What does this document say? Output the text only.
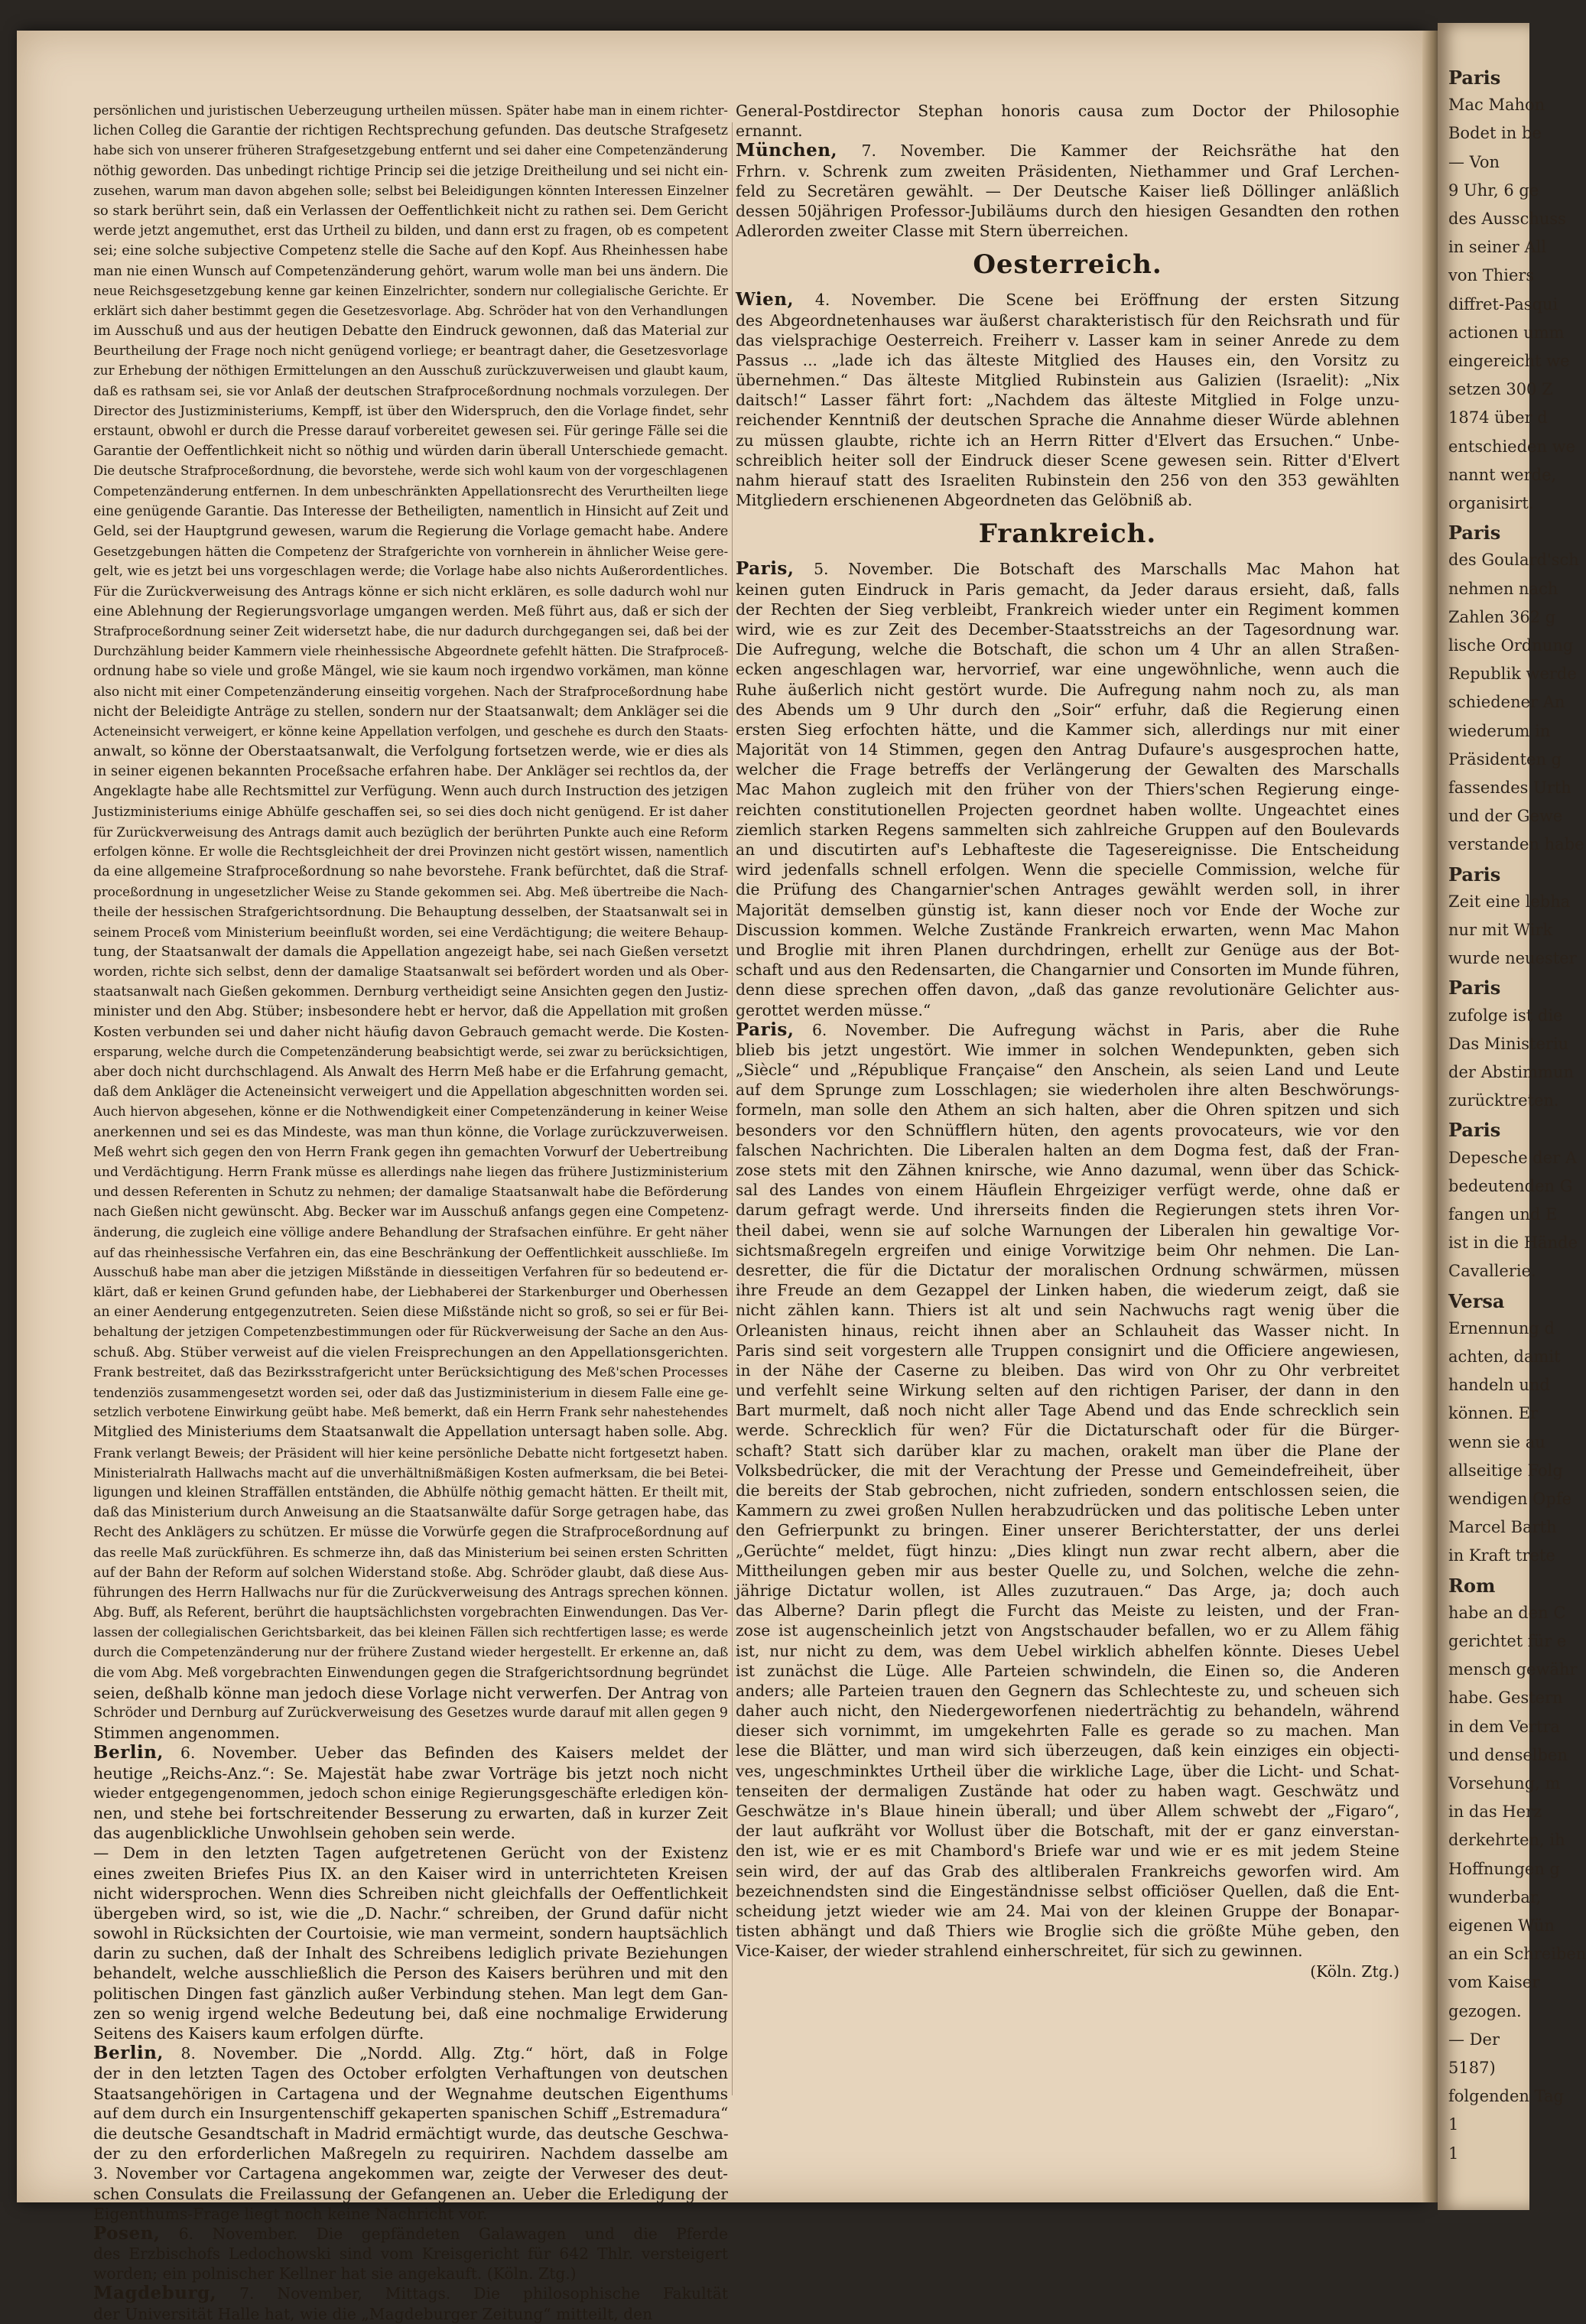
persönlichen und juristischen Ueberzeugung urtheilen müssen. Später habe man in einem richter-
lichen Colleg die Garantie der richtigen Rechtsprechung gefunden. Das deutsche Strafgesetz
habe sich von unserer früheren Strafgesetzgebung entfernt und sei daher eine Competenzänderung
nöthig geworden. Das unbedingt richtige Princip sei die jetzige Dreitheilung und sei nicht ein-
zusehen, warum man davon abgehen solle; selbst bei Beleidigungen könnten Interessen Einzelner
so stark berührt sein, daß ein Verlassen der Oeffentlichkeit nicht zu rathen sei. Dem Gericht
werde jetzt angemuthet, erst das Urtheil zu bilden, und dann erst zu fragen, ob es competent
sei; eine solche subjective Competenz stelle die Sache auf den Kopf. Aus Rheinhessen habe
man nie einen Wunsch auf Competenzänderung gehört, warum wolle man bei uns ändern. Die
neue Reichsgesetzgebung kenne gar keinen Einzelrichter, sondern nur collegialische Gerichte. Er
erklärt sich daher bestimmt gegen die Gesetzesvorlage. Abg. Schröder hat von den Verhandlungen
im Ausschuß und aus der heutigen Debatte den Eindruck gewonnen, daß das Material zur
Beurtheilung der Frage noch nicht genügend vorliege; er beantragt daher, die Gesetzesvorlage
zur Erhebung der nöthigen Ermittelungen an den Ausschuß zurückzuverweisen und glaubt kaum,
daß es rathsam sei, sie vor Anlaß der deutschen Strafproceßordnung nochmals vorzulegen. Der
Director des Justizministeriums, Kempff, ist über den Widerspruch, den die Vorlage findet, sehr
erstaunt, obwohl er durch die Presse darauf vorbereitet gewesen sei. Für geringe Fälle sei die
Garantie der Oeffentlichkeit nicht so nöthig und würden darin überall Unterschiede gemacht.
Die deutsche Strafproceßordnung, die bevorstehe, werde sich wohl kaum von der vorgeschlagenen
Competenzänderung entfernen. In dem unbeschränkten Appellationsrecht des Verurtheilten liege
eine genügende Garantie. Das Interesse der Betheiligten, namentlich in Hinsicht auf Zeit und
Geld, sei der Hauptgrund gewesen, warum die Regierung die Vorlage gemacht habe. Andere
Gesetzgebungen hätten die Competenz der Strafgerichte von vornherein in ähnlicher Weise gere-
gelt, wie es jetzt bei uns vorgeschlagen werde; die Vorlage habe also nichts Außerordentliches.
Für die Zurückverweisung des Antrags könne er sich nicht erklären, es solle dadurch wohl nur
eine Ablehnung der Regierungsvorlage umgangen werden. Meß führt aus, daß er sich der
Strafproceßordnung seiner Zeit widersetzt habe, die nur dadurch durchgegangen sei, daß bei der
Durchzählung beider Kammern viele rheinhessische Abgeordnete gefehlt hätten. Die Strafproceß-
ordnung habe so viele und große Mängel, wie sie kaum noch irgendwo vorkämen, man könne
also nicht mit einer Competenzänderung einseitig vorgehen. Nach der Strafproceßordnung habe
nicht der Beleidigte Anträge zu stellen, sondern nur der Staatsanwalt; dem Ankläger sei die
Acteneinsicht verweigert, er könne keine Appellation verfolgen, und geschehe es durch den Staats-
anwalt, so könne der Oberstaatsanwalt, die Verfolgung fortsetzen werde, wie er dies als
in seiner eigenen bekannten Proceßsache erfahren habe. Der Ankläger sei rechtlos da, der
Angeklagte habe alle Rechtsmittel zur Verfügung. Wenn auch durch Instruction des jetzigen
Justizministeriums einige Abhülfe geschaffen sei, so sei dies doch nicht genügend. Er ist daher
für Zurückverweisung des Antrags damit auch bezüglich der berührten Punkte auch eine Reform
erfolgen könne. Er wolle die Rechtsgleichheit der drei Provinzen nicht gestört wissen, namentlich
da eine allgemeine Strafproceßordnung so nahe bevorstehe. Frank befürchtet, daß die Straf-
proceßordnung in ungesetzlicher Weise zu Stande gekommen sei. Abg. Meß übertreibe die Nach-
theile der hessischen Strafgerichtsordnung. Die Behauptung desselben, der Staatsanwalt sei in
seinem Proceß vom Ministerium beeinflußt worden, sei eine Verdächtigung; die weitere Behaup-
tung, der Staatsanwalt der damals die Appellation angezeigt habe, sei nach Gießen versetzt
worden, richte sich selbst, denn der damalige Staatsanwalt sei befördert worden und als Ober-
staatsanwalt nach Gießen gekommen. Dernburg vertheidigt seine Ansichten gegen den Justiz-
minister und den Abg. Stüber; insbesondere hebt er hervor, daß die Appellation mit großen
Kosten verbunden sei und daher nicht häufig davon Gebrauch gemacht werde. Die Kosten-
ersparung, welche durch die Competenzänderung beabsichtigt werde, sei zwar zu berücksichtigen,
aber doch nicht durchschlagend. Als Anwalt des Herrn Meß habe er die Erfahrung gemacht,
daß dem Ankläger die Acteneinsicht verweigert und die Appellation abgeschnitten worden sei.
Auch hiervon abgesehen, könne er die Nothwendigkeit einer Competenzänderung in keiner Weise
anerkennen und sei es das Mindeste, was man thun könne, die Vorlage zurückzuverweisen.
Meß wehrt sich gegen den von Herrn Frank gegen ihn gemachten Vorwurf der Uebertreibung
und Verdächtigung. Herrn Frank müsse es allerdings nahe liegen das frühere Justizministerium
und dessen Referenten in Schutz zu nehmen; der damalige Staatsanwalt habe die Beförderung
nach Gießen nicht gewünscht. Abg. Becker war im Ausschuß anfangs gegen eine Competenz-
änderung, die zugleich eine völlige andere Behandlung der Strafsachen einführe. Er geht näher
auf das rheinhessische Verfahren ein, das eine Beschränkung der Oeffentlichkeit ausschließe. Im
Ausschuß habe man aber die jetzigen Mißstände in diesseitigen Verfahren für so bedeutend er-
klärt, daß er keinen Grund gefunden habe, der Liebhaberei der Starkenburger und Oberhessen
an einer Aenderung entgegenzutreten. Seien diese Mißstände nicht so groß, so sei er für Bei-
behaltung der jetzigen Competenzbestimmungen oder für Rückverweisung der Sache an den Aus-
schuß. Abg. Stüber verweist auf die vielen Freisprechungen an den Appellationsgerichten.
Frank bestreitet, daß das Bezirksstrafgericht unter Berücksichtigung des Meß'schen Processes
tendenziös zusammengesetzt worden sei, oder daß das Justizministerium in diesem Falle eine ge-
setzlich verbotene Einwirkung geübt habe. Meß bemerkt, daß ein Herrn Frank sehr nahestehendes
Mitglied des Ministeriums dem Staatsanwalt die Appellation untersagt haben solle. Abg.
Frank verlangt Beweis; der Präsident will hier keine persönliche Debatte nicht fortgesetzt haben.
Ministerialrath Hallwachs macht auf die unverhältnißmäßigen Kosten aufmerksam, die bei Betei-
ligungen und kleinen Straffällen entständen, die Abhülfe nöthig gemacht hätten. Er theilt mit,
daß das Ministerium durch Anweisung an die Staatsanwälte dafür Sorge getragen habe, das
Recht des Anklägers zu schützen. Er müsse die Vorwürfe gegen die Strafproceßordnung auf
das reelle Maß zurückführen. Es schmerze ihn, daß das Ministerium bei seinen ersten Schritten
auf der Bahn der Reform auf solchen Widerstand stoße. Abg. Schröder glaubt, daß diese Aus-
führungen des Herrn Hallwachs nur für die Zurückverweisung des Antrags sprechen können.
Abg. Buff, als Referent, berührt die hauptsächlichsten vorgebrachten Einwendungen. Das Ver-
lassen der collegialischen Gerichtsbarkeit, das bei kleinen Fällen sich rechtfertigen lasse; es werde
durch die Competenzänderung nur der frühere Zustand wieder hergestellt. Er erkenne an, daß
die vom Abg. Meß vorgebrachten Einwendungen gegen die Strafgerichtsordnung begründet
seien, deßhalb könne man jedoch diese Vorlage nicht verwerfen. Der Antrag von
Schröder und Dernburg auf Zurückverweisung des Gesetzes wurde darauf mit allen gegen 9
Stimmen angenommen.
Berlin, 6. November. Ueber das Befinden des Kaisers meldet der
heutige „Reichs-Anz.“: Se. Majestät habe zwar Vorträge bis jetzt noch nicht
wieder entgegengenommen, jedoch schon einige Regierungsgeschäfte erledigen kön-
nen, und stehe bei fortschreitender Besserung zu erwarten, daß in kurzer Zeit
das augenblickliche Unwohlsein gehoben sein werde.
— Dem in den letzten Tagen aufgetretenen Gerücht von der Existenz
eines zweiten Briefes Pius IX. an den Kaiser wird in unterrichteten Kreisen
nicht widersprochen. Wenn dies Schreiben nicht gleichfalls der Oeffentlichkeit
übergeben wird, so ist, wie die „D. Nachr.“ schreiben, der Grund dafür nicht
sowohl in Rücksichten der Courtoisie, wie man vermeint, sondern hauptsächlich
darin zu suchen, daß der Inhalt des Schreibens lediglich private Beziehungen
behandelt, welche ausschließlich die Person des Kaisers berühren und mit den
politischen Dingen fast gänzlich außer Verbindung stehen. Man legt dem Gan-
zen so wenig irgend welche Bedeutung bei, daß eine nochmalige Erwiderung
Seitens des Kaisers kaum erfolgen dürfte.
Berlin, 8. November. Die „Nordd. Allg. Ztg.“ hört, daß in Folge
der in den letzten Tagen des October erfolgten Verhaftungen von deutschen
Staatsangehörigen in Cartagena und der Wegnahme deutschen Eigenthums
auf dem durch ein Insurgentenschiff gekaperten spanischen Schiff „Estremadura“
die deutsche Gesandtschaft in Madrid ermächtigt wurde, das deutsche Geschwa-
der zu den erforderlichen Maßregeln zu requiriren. Nachdem dasselbe am
3. November vor Cartagena angekommen war, zeigte der Verweser des deut-
schen Consulats die Freilassung der Gefangenen an. Ueber die Erledigung der
Eigenthums-Frage liegt noch keine Nachricht vor.
Posen, 6. November. Die gepfändeten Galawagen und die Pferde
des Erzbischofs Ledochowski sind vom Kreisgericht für 642 Thlr. versteigert
worden; ein polnischer Kellner hat sie angekauft. (Köln. Ztg.)
Magdeburg, 7. November, Mittags. Die philosophische Fakultät
der Universität Halle hat, wie die „Magdeburger Zeitung“ mitteilt, den
General-Postdirector Stephan honoris causa zum Doctor der Philosophie
ernannt.
München, 7. November. Die Kammer der Reichsräthe hat den
Frhrn. v. Schrenk zum zweiten Präsidenten, Niethammer und Graf Lerchen-
feld zu Secretären gewählt. — Der Deutsche Kaiser ließ Döllinger anläßlich
dessen 50jährigen Professor-Jubiläums durch den hiesigen Gesandten den rothen
Adlerorden zweiter Classe mit Stern überreichen.
Oesterreich.
Wien, 4. November. Die Scene bei Eröffnung der ersten Sitzung
des Abgeordnetenhauses war äußerst charakteristisch für den Reichsrath und für
das vielsprachige Oesterreich. Freiherr v. Lasser kam in seiner Anrede zu dem
Passus ... „lade ich das älteste Mitglied des Hauses ein, den Vorsitz zu
übernehmen.“ Das älteste Mitglied Rubinstein aus Galizien (Israelit): „Nix
daitsch!“ Lasser fährt fort: „Nachdem das älteste Mitglied in Folge unzu-
reichender Kenntniß der deutschen Sprache die Annahme dieser Würde ablehnen
zu müssen glaubte, richte ich an Herrn Ritter d'Elvert das Ersuchen.“ Unbe-
schreiblich heiter soll der Eindruck dieser Scene gewesen sein. Ritter d'Elvert
nahm hierauf statt des Israeliten Rubinstein den 256 von den 353 gewählten
Mitgliedern erschienenen Abgeordneten das Gelöbniß ab.
Frankreich.
Paris, 5. November. Die Botschaft des Marschalls Mac Mahon hat
keinen guten Eindruck in Paris gemacht, da Jeder daraus ersieht, daß, falls
der Rechten der Sieg verbleibt, Frankreich wieder unter ein Regiment kommen
wird, wie es zur Zeit des December-Staatsstreichs an der Tagesordnung war.
Die Aufregung, welche die Botschaft, die schon um 4 Uhr an allen Straßen-
ecken angeschlagen war, hervorrief, war eine ungewöhnliche, wenn auch die
Ruhe äußerlich nicht gestört wurde. Die Aufregung nahm noch zu, als man
des Abends um 9 Uhr durch den „Soir“ erfuhr, daß die Regierung einen
ersten Sieg erfochten hätte, und die Kammer sich, allerdings nur mit einer
Majorität von 14 Stimmen, gegen den Antrag Dufaure's ausgesprochen hatte,
welcher die Frage betreffs der Verlängerung der Gewalten des Marschalls
Mac Mahon zugleich mit den früher von der Thiers'schen Regierung einge-
reichten constitutionellen Projecten geordnet haben wollte. Ungeachtet eines
ziemlich starken Regens sammelten sich zahlreiche Gruppen auf den Boulevards
an und discutirten auf's Lebhafteste die Tagesereignisse. Die Entscheidung
wird jedenfalls schnell erfolgen. Wenn die specielle Commission, welche für
die Prüfung des Changarnier'schen Antrages gewählt werden soll, in ihrer
Majorität demselben günstig ist, kann dieser noch vor Ende der Woche zur
Discussion kommen. Welche Zustände Frankreich erwarten, wenn Mac Mahon
und Broglie mit ihren Planen durchdringen, erhellt zur Genüge aus der Bot-
schaft und aus den Redensarten, die Changarnier und Consorten im Munde führen,
denn diese sprechen offen davon, „daß das ganze revolutionäre Gelichter aus-
gerottet werden müsse.“
Paris, 6. November. Die Aufregung wächst in Paris, aber die Ruhe
blieb bis jetzt ungestört. Wie immer in solchen Wendepunkten, geben sich
„Siècle“ und „République Française“ den Anschein, als seien Land und Leute
auf dem Sprunge zum Losschlagen; sie wiederholen ihre alten Beschwörungs-
formeln, man solle den Athem an sich halten, aber die Ohren spitzen und sich
besonders vor den Schnüfflern hüten, den agents provocateurs, wie vor den
falschen Nachrichten. Die Liberalen halten an dem Dogma fest, daß der Fran-
zose stets mit den Zähnen knirsche, wie Anno dazumal, wenn über das Schick-
sal des Landes von einem Häuflein Ehrgeiziger verfügt werde, ohne daß er
darum gefragt werde. Und ihrerseits finden die Regierungen stets ihren Vor-
theil dabei, wenn sie auf solche Warnungen der Liberalen hin gewaltige Vor-
sichtsmaßregeln ergreifen und einige Vorwitzige beim Ohr nehmen. Die Lan-
desretter, die für die Dictatur der moralischen Ordnung schwärmen, müssen
ihre Freude an dem Gezappel der Linken haben, die wiederum zeigt, daß sie
nicht zählen kann. Thiers ist alt und sein Nachwuchs ragt wenig über die
Orleanisten hinaus, reicht ihnen aber an Schlauheit das Wasser nicht. In
Paris sind seit vorgestern alle Truppen consignirt und die Officiere angewiesen,
in der Nähe der Caserne zu bleiben. Das wird von Ohr zu Ohr verbreitet
und verfehlt seine Wirkung selten auf den richtigen Pariser, der dann in den
Bart murmelt, daß noch nicht aller Tage Abend und das Ende schrecklich sein
werde. Schrecklich für wen? Für die Dictaturschaft oder für die Bürger-
schaft? Statt sich darüber klar zu machen, orakelt man über die Plane der
Volksbedrücker, die mit der Verachtung der Presse und Gemeindefreiheit, über
die bereits der Stab gebrochen, nicht zufrieden, sondern entschlossen seien, die
Kammern zu zwei großen Nullen herabzudrücken und das politische Leben unter
den Gefrierpunkt zu bringen. Einer unserer Berichterstatter, der uns derlei
„Gerüchte“ meldet, fügt hinzu: „Dies klingt nun zwar recht albern, aber die
Mittheilungen geben mir aus bester Quelle zu, und Solchen, welche die zehn-
jährige Dictatur wollen, ist Alles zuzutrauen.“ Das Arge, ja; doch auch
das Alberne? Darin pflegt die Furcht das Meiste zu leisten, und der Fran-
zose ist augenscheinlich jetzt von Angstschauder befallen, wo er zu Allem fähig
ist, nur nicht zu dem, was dem Uebel wirklich abhelfen könnte. Dieses Uebel
ist zunächst die Lüge. Alle Parteien schwindeln, die Einen so, die Anderen
anders; alle Parteien trauen den Gegnern das Schlechteste zu, und scheuen sich
daher auch nicht, den Niedergeworfenen niederträchtig zu behandeln, während
dieser sich vornimmt, im umgekehrten Falle es gerade so zu machen. Man
lese die Blätter, und man wird sich überzeugen, daß kein einziges ein objecti-
ves, ungeschminktes Urtheil über die wirkliche Lage, über die Licht- und Schat-
tenseiten der dermaligen Zustände hat oder zu haben wagt. Geschwätz und
Geschwätze in's Blaue hinein überall; und über Allem schwebt der „Figaro“,
der laut aufkräht vor Wollust über die Botschaft, mit der er ganz einverstan-
den ist, wie er es mit Chambord's Briefe war und wie er es mit jedem Steine
sein wird, der auf das Grab des altliberalen Frankreichs geworfen wird. Am
bezeichnendsten sind die Eingeständnisse selbst officiöser Quellen, daß die Ent-
scheidung jetzt wieder wie am 24. Mai von der kleinen Gruppe der Bonapar-
tisten abhängt und daß Thiers wie Broglie sich die größte Mühe geben, den
Vice-Kaiser, der wieder strahlend einherschreitet, für sich zu gewinnen.
(Köln. Ztg.)
Paris
Mac Mahon
Bodet in be
— Von
9 Uhr, 6 ge
des Ausschuss
in seiner All
von Thiers
diffret-Pasqui
actionen umm
eingereicht we
setzen 300 Z
1874 über d
entschieden we
nannt werde,
organisirt.
Paris
des Goulard'sch
nehmen nach
Zahlen 362 g
lische Ordnung
Republik werde
schiedener An
wiederum in
Präsidenten g
fassendes Urth
und der Gewe
verstanden habe
Paris
Zeit eine lebha
nur mit Wirk
wurde neuester
Paris
zufolge ist die
Das Ministeriu
der Abstimmun
zurücktreten.
Paris
Depesche der A
bedeutenden G
fangen und E
ist in die Hände
Cavallerie.
Versa
Ernennung d
achten, damit
handeln und
können. Er
wenn sie au
allseitige Folg
wendigen Opfe
Marcel Barth
in Kraft trete
Rom
habe an den C
gerichtet für e
mensch gewähr
habe. Gestern
in dem Vertra
und denselben
Vorsehung, m
in das Herz
derkehrten, ih
Hoffnungen g
wunderbar,
eigenen Wün
an ein Schreiben
vom Kaiser
gezogen.
— Der
5187)
folgenden Tag
1
1
